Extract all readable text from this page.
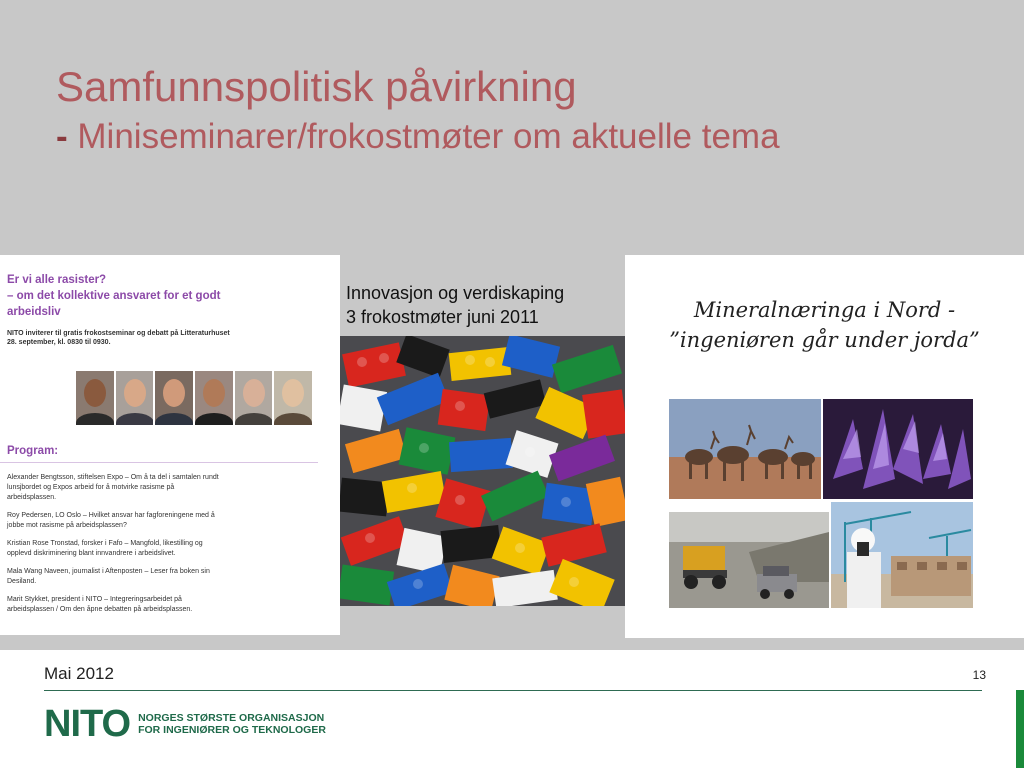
Samfunnspolitisk påvirkning
- Miniseminarer/frokostmøter om aktuelle tema
Er vi alle rasister?
– om det kollektive ansvaret for et godt
arbeidsliv
NITO inviterer til gratis frokostseminar og debatt på Litteraturhuset
28. september, kl. 0830 til 0930.
Program:
Alexander Bengtsson, stiftelsen Expo – Om å ta del i samtalen rundt
lunsjbordet og Expos arbeid for å motvirke rasisme på
arbeidsplassen.
Roy Pedersen, LO Oslo – Hvilket ansvar har fagforeningene med å
jobbe mot rasisme på arbeidsplassen?
Kristian Rose Tronstad, forsker i Fafo – Mangfold, likestilling og
opplevd diskriminering blant innvandrere i arbeidslivet.
Mala Wang Naveen, journalist i Aftenposten – Leser fra boken sin
Desiland.
Marit Stykket, president i NITO – Integreringsarbeidet på
arbeidsplassen / Om den åpne debatten på arbeidsplassen.
Innovasjon og verdiskaping
3 frokostmøter juni 2011	Mineralnæringa i Nord -
”ingeniøren går under jorda”
Mai 2012	13
NITO NORGES STØRSTE ORGANISASJON
FOR INGENIØRER OG TEKNOLOGER
